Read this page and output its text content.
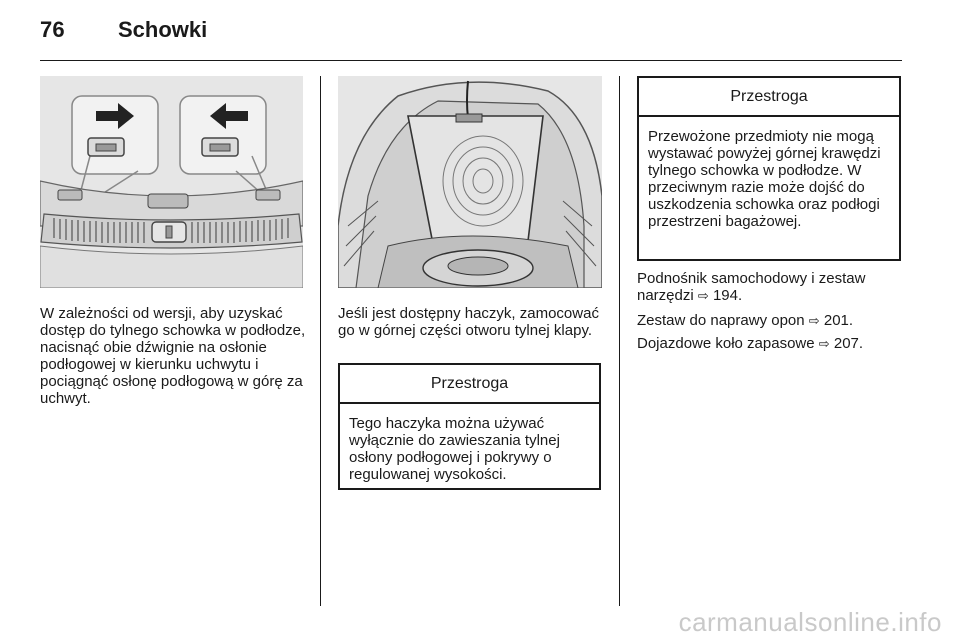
76 Schowki

W zależności od wersji, aby uzyskać dostęp do tylnego schowka w podłodze, nacisnąć obie dźwignie na osłonie podłogowej w kierunku uchwytu i pociągnąć osłonę podłogową w górę za uchwyt.

Jeśli jest dostępny haczyk, zamocować go w górnej części otworu tylnej klapy.

Przestroga
Tego haczyka można używać wyłącznie do zawieszania tylnej osłony podłogowej i pokrywy o regulowanej wysokości.
Przestroga
Przewożone przedmioty nie mogą wystawać powyżej górnej krawędzi tylnego schowka w podłodze. W przeciwnym razie może dojść do uszkodzenia schowka oraz podłogi przestrzeni bagażowej.

Podnośnik samochodowy i zestaw narzędzi ⇨ 194.

Zestaw do naprawy opon ⇨ 201.

Dojazdowe koło zapasowe ⇨ 207.

carmanualsonline.info
